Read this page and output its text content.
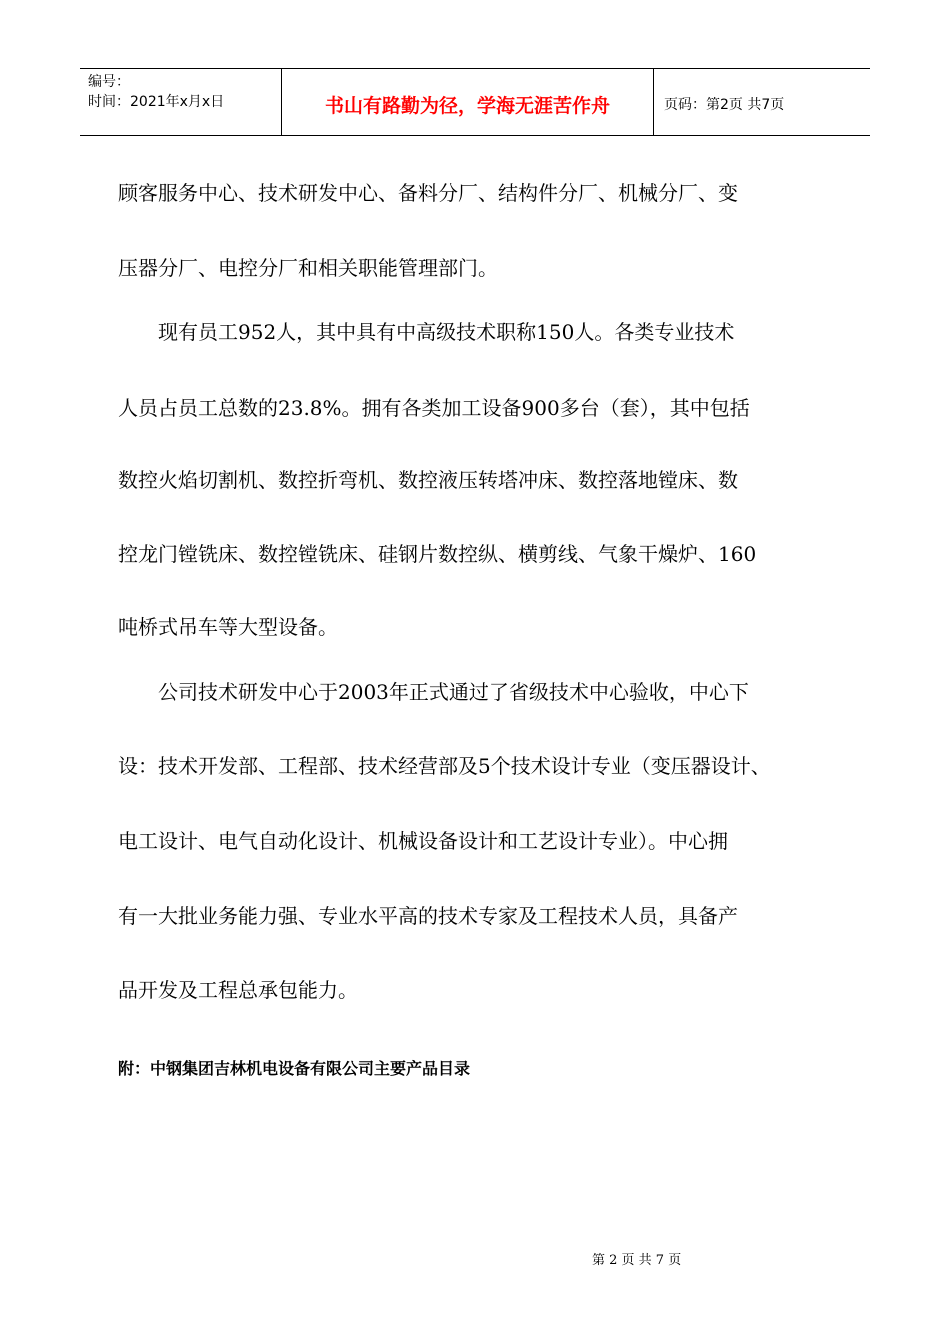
编号：
时间：2021年x月x日	书山有路勤为径，学海无涯苦作舟	页码：第2页 共7页
顾客服务中心、技术研发中心、备料分厂、结构件分厂、机械分厂、变
压器分厂、电控分厂和相关职能管理部门。
　　现有员工952人，其中具有中高级技术职称150人。各类专业技术
人员占员工总数的23.8%。拥有各类加工设备900多台（套），其中包括
数控火焰切割机、数控折弯机、数控液压转塔冲床、数控落地镗床、数
控龙门镗铣床、数控镗铣床、硅钢片数控纵、横剪线、气象干燥炉、160
吨桥式吊车等大型设备。
　　公司技术研发中心于2003年正式通过了省级技术中心验收，中心下
设：技术开发部、工程部、技术经营部及5个技术设计专业（变压器设计、
电工设计、电气自动化设计、机械设备设计和工艺设计专业）。中心拥
有一大批业务能力强、专业水平高的技术专家及工程技术人员，具备产
品开发及工程总承包能力。
附：中钢集团吉林机电设备有限公司主要产品目录
第 2 页 共 7 页
